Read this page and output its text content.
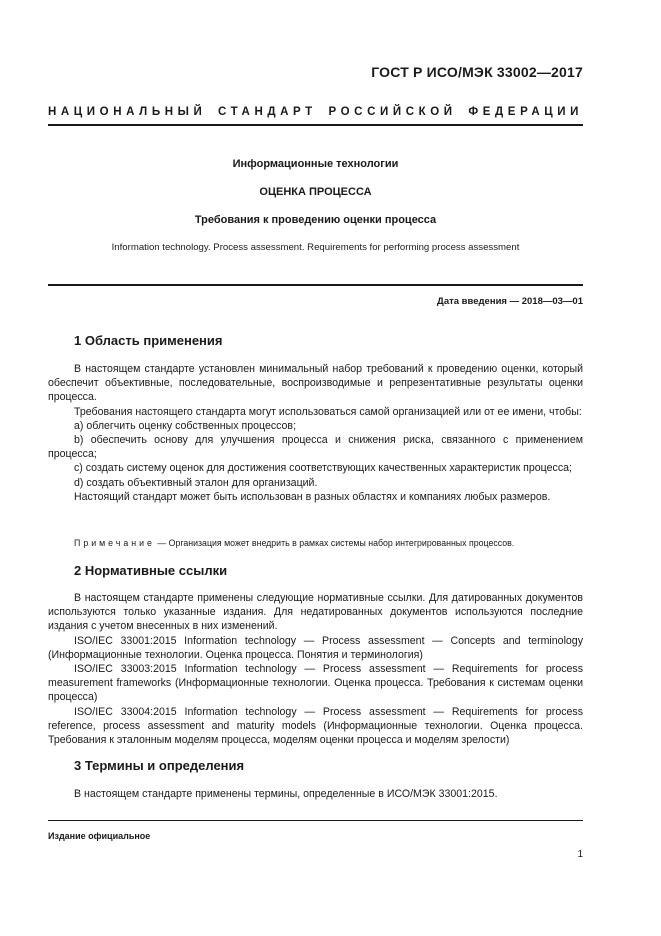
ГОСТ Р ИСО/МЭК 33002—2017
НАЦИОНАЛЬНЫЙ СТАНДАРТ РОССИЙСКОЙ ФЕДЕРАЦИИ
Информационные технологии
ОЦЕНКА ПРОЦЕССА
Требования к проведению оценки процесса
Information technology. Process assessment. Requirements for performing process assessment
Дата введения — 2018—03—01
1 Область применения

В настоящем стандарте установлен минимальный набор требований к проведению оценки, который обеспечит объективные, последовательные, воспроизводимые и репрезентативные результаты оценки процесса.

Требования настоящего стандарта могут использоваться самой организацией или от ее имени, чтобы:

a) облегчить оценку собственных процессов;

b) обеспечить основу для улучшения процесса и снижения риска, связанного с применением процесса;

c) создать систему оценок для достижения соответствующих качественных характеристик процесса;

d) создать объективный эталон для организаций.

Настоящий стандарт может быть использован в разных областях и компаниях любых размеров.

Примечание — Организация может внедрить в рамках системы набор интегрированных процессов.
2 Нормативные ссылки

В настоящем стандарте применены следующие нормативные ссылки. Для датированных документов используются только указанные издания. Для недатированных документов используются последние издания с учетом внесенных в них изменений.

ISO/IEC 33001:2015 Information technology — Process assessment — Concepts and terminology (Информационные технологии. Оценка процесса. Понятия и терминология)

ISO/IEC 33003:2015 Information technology — Process assessment — Requirements for process measurement frameworks (Информационные технологии. Оценка процесса. Требования к системам оценки процесса)

ISO/IEC 33004:2015 Information technology — Process assessment — Requirements for process reference, process assessment and maturity models (Информационные технологии. Оценка процесса. Требования к эталонным моделям процесса, моделям оценки процесса и моделям зрелости)

3 Термины и определения

В настоящем стандарте применены термины, определенные в ИСО/МЭК 33001:2015.

Издание официальное
1
